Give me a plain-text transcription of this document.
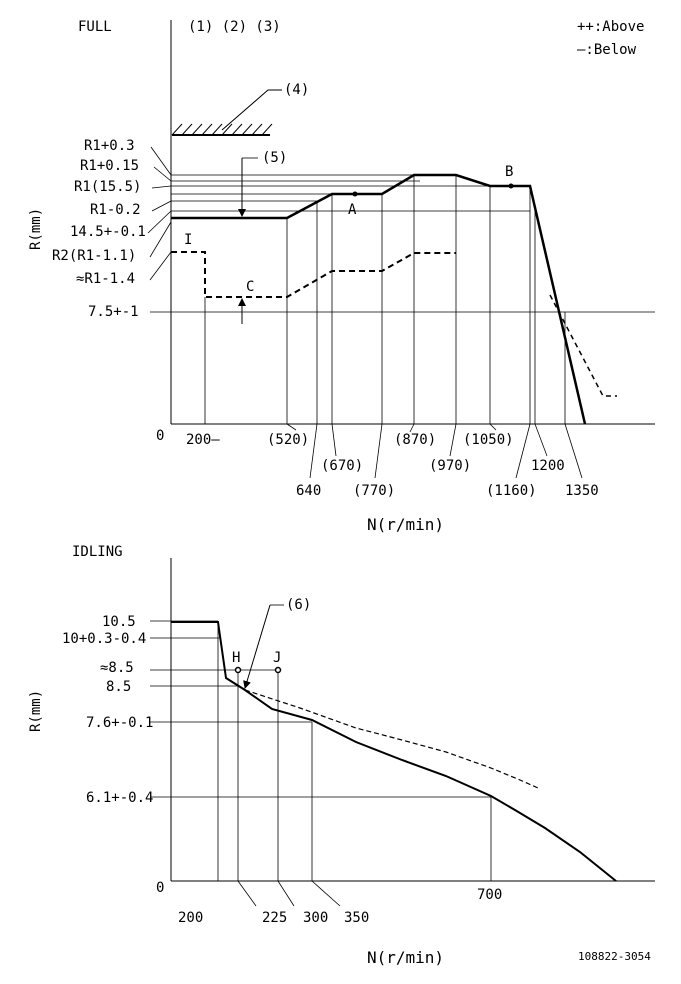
FULL	(1) (2) (3)	++:Above
—:Below
(4)
R1+0.3
R1+0.15
R1(15.5)
R1-0.2
14.5+-0.1
R2(R1-1.1)
≈R1-1.4
7.5+-1
R(mm)
0 200—	(520)
640
(670)
(770)
(870)
(970)
(1050)
(1160)
1200
1350
N(r/min)
A
B
C
I
(5)
IDLING
10.5
10+0.3-0.4
≈8.5
8.5
7.6+-0.1
6.1+-0.4
R(mm)
0
200	225 300 350
700
N(r/min)
H J
(6)
108822-3054
